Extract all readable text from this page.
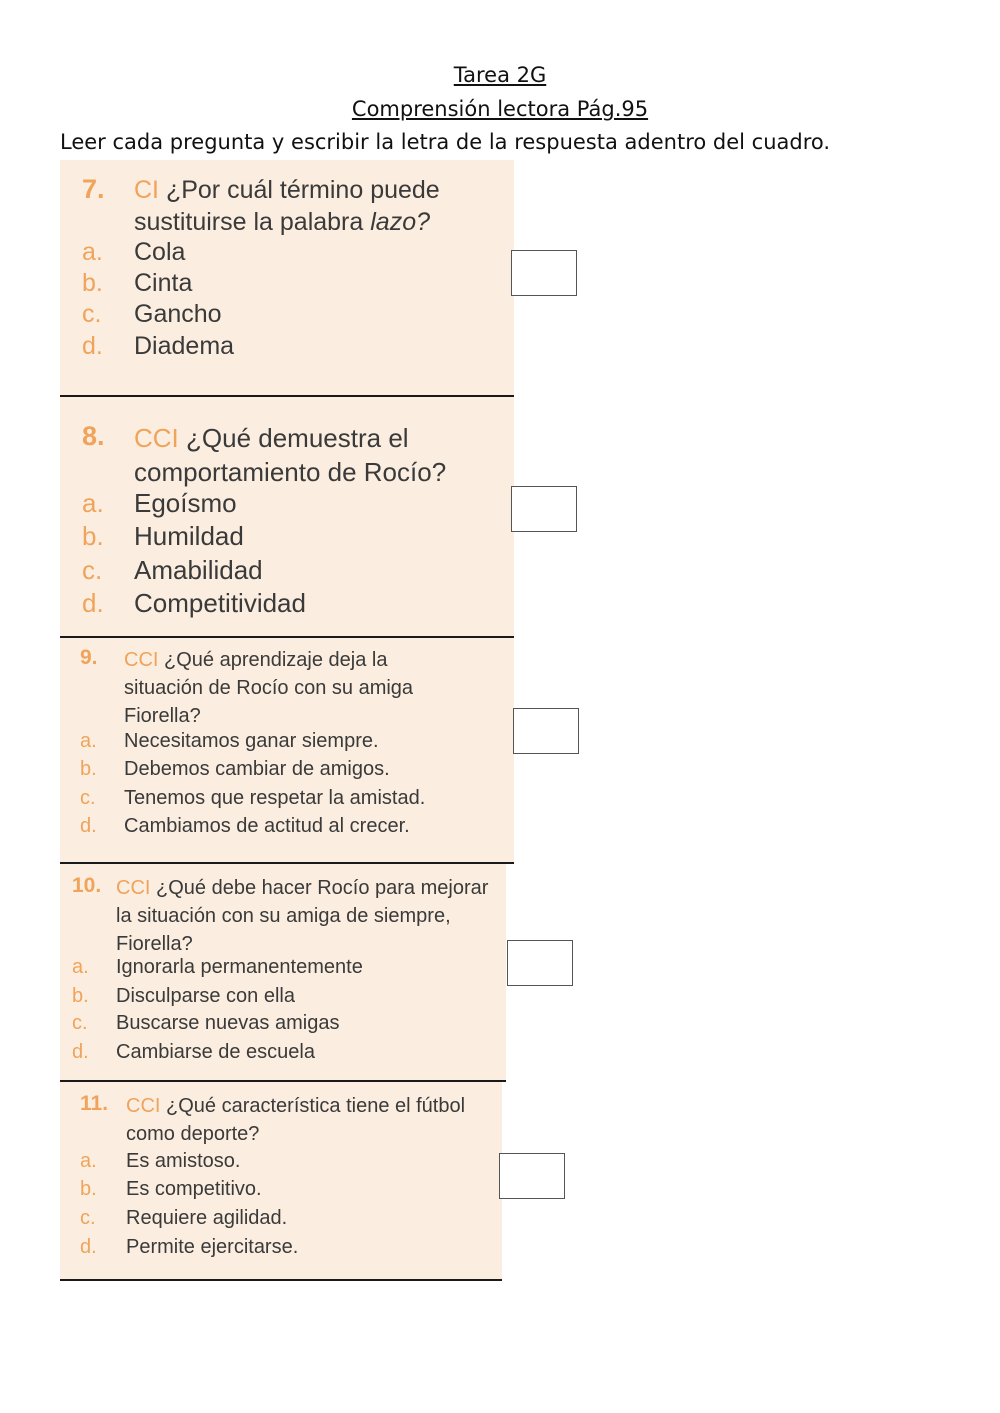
Tarea 2G
Comprensión lectora Pág.95
Leer cada pregunta y escribir la letra de la respuesta adentro del cuadro.
7. CI ¿Por cuál término puede sustituirse la palabra lazo?
a. Cola
b. Cinta
c. Gancho
d. Diadema
8. CCI ¿Qué demuestra el comportamiento de Rocío?
a. Egoísmo
b. Humildad
c. Amabilidad
d. Competitividad
9. CCI ¿Qué aprendizaje deja la situación de Rocío con su amiga Fiorella?
a. Necesitamos ganar siempre.
b. Debemos cambiar de amigos.
c. Tenemos que respetar la amistad.
d. Cambiamos de actitud al crecer.
10. CCI ¿Qué debe hacer Rocío para mejorar la situación con su amiga de siempre, Fiorella?
a. Ignorarla permanentemente
b. Disculparse con ella
c. Buscarse nuevas amigas
d. Cambiarse de escuela
11. CCI ¿Qué característica tiene el fútbol como deporte?
a. Es amistoso.
b. Es competitivo.
c. Requiere agilidad.
d. Permite ejercitarse.
